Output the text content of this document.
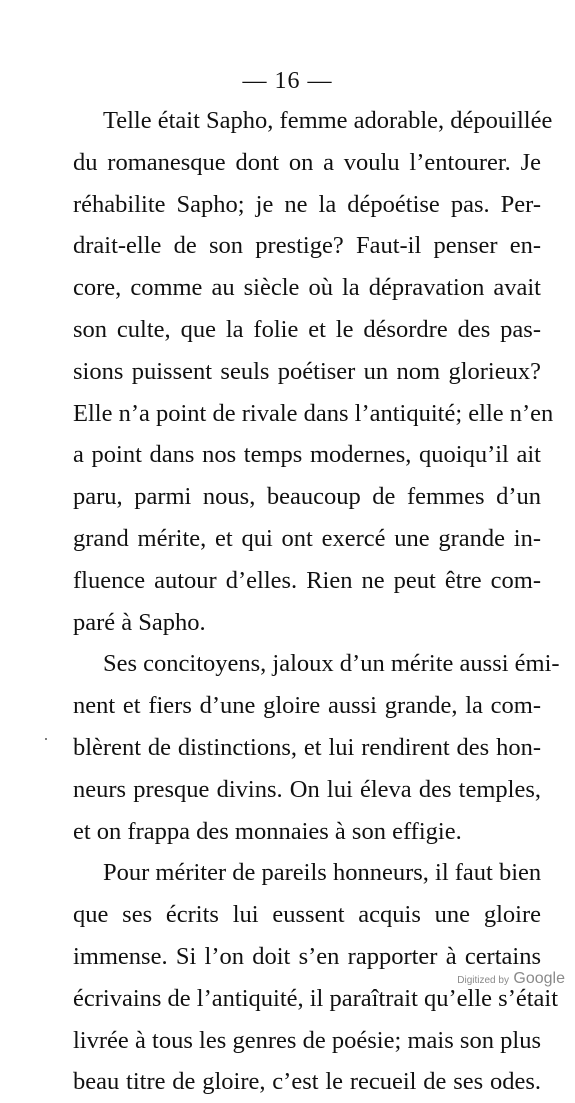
— 16 —
Telle était Sapho, femme adorable, dépouillée
du romanesque dont on a voulu l’entourer. Je
réhabilite Sapho; je ne la dépoétise pas. Per-
drait-elle de son prestige? Faut-il penser en-
core, comme au siècle où la dépravation avait
son culte, que la folie et le désordre des pas-
sions puissent seuls poétiser un nom glorieux?
Elle n’a point de rivale dans l’antiquité; elle n’en
a point dans nos temps modernes, quoiqu’il ait
paru, parmi nous, beaucoup de femmes d’un
grand mérite, et qui ont exercé une grande in-
fluence autour d’elles. Rien ne peut être com-
paré à Sapho.
Ses concitoyens, jaloux d’un mérite aussi émi-
nent et fiers d’une gloire aussi grande, la com-
blèrent de distinctions, et lui rendirent des hon-
neurs presque divins. On lui éleva des temples,
et on frappa des monnaies à son effigie.
Pour mériter de pareils honneurs, il faut bien
que ses écrits lui eussent acquis une gloire
immense. Si l’on doit s’en rapporter à certains
écrivains de l’antiquité, il paraîtrait qu’elle s’était
livrée à tous les genres de poésie; mais son plus
beau titre de gloire, c’est le recueil de ses odes.
Digitized by Google
